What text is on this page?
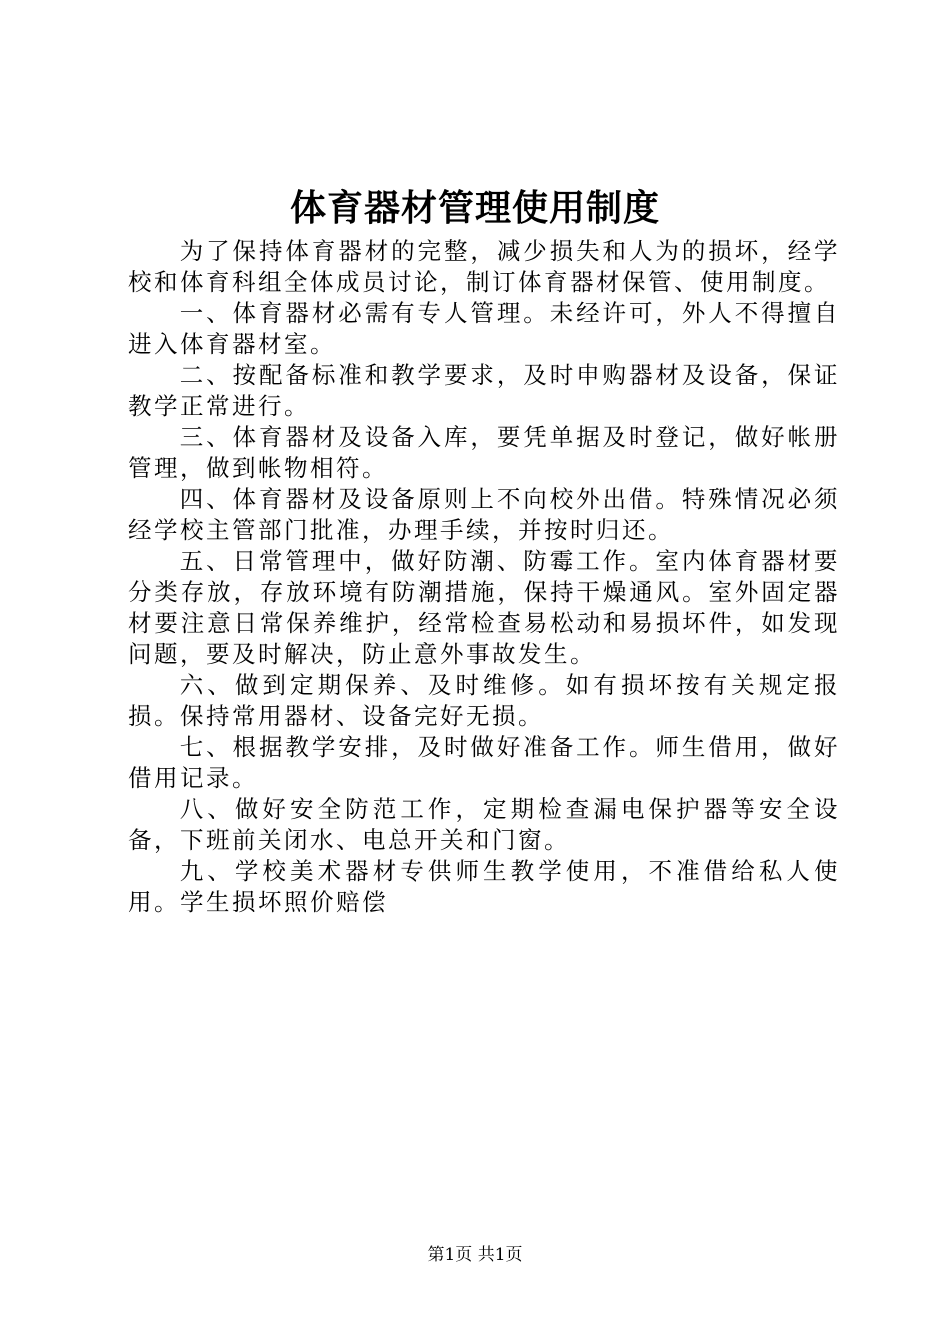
体育器材管理使用制度

为了保持体育器材的完整，减少损失和人为的损坏，经学校和体育科组全体成员讨论，制订体育器材保管、使用制度。

一、体育器材必需有专人管理。未经许可，外人不得擅自进入体育器材室。

二、按配备标准和教学要求，及时申购器材及设备，保证教学正常进行。

三、体育器材及设备入库，要凭单据及时登记，做好帐册管理，做到帐物相符。

四、体育器材及设备原则上不向校外出借。特殊情况必须经学校主管部门批准，办理手续，并按时归还。

五、日常管理中，做好防潮、防霉工作。室内体育器材要分类存放，存放环境有防潮措施，保持干燥通风。室外固定器材要注意日常保养维护，经常检查易松动和易损坏件，如发现问题，要及时解决，防止意外事故发生。

六、做到定期保养、及时维修。如有损坏按有关规定报损。保持常用器材、设备完好无损。

七、根据教学安排，及时做好准备工作。师生借用，做好借用记录。

八、做好安全防范工作，定期检查漏电保护器等安全设备，下班前关闭水、电总开关和门窗。

九、学校美术器材专供师生教学使用，不准借给私人使用。学生损坏照价赔偿

第1页 共1页
